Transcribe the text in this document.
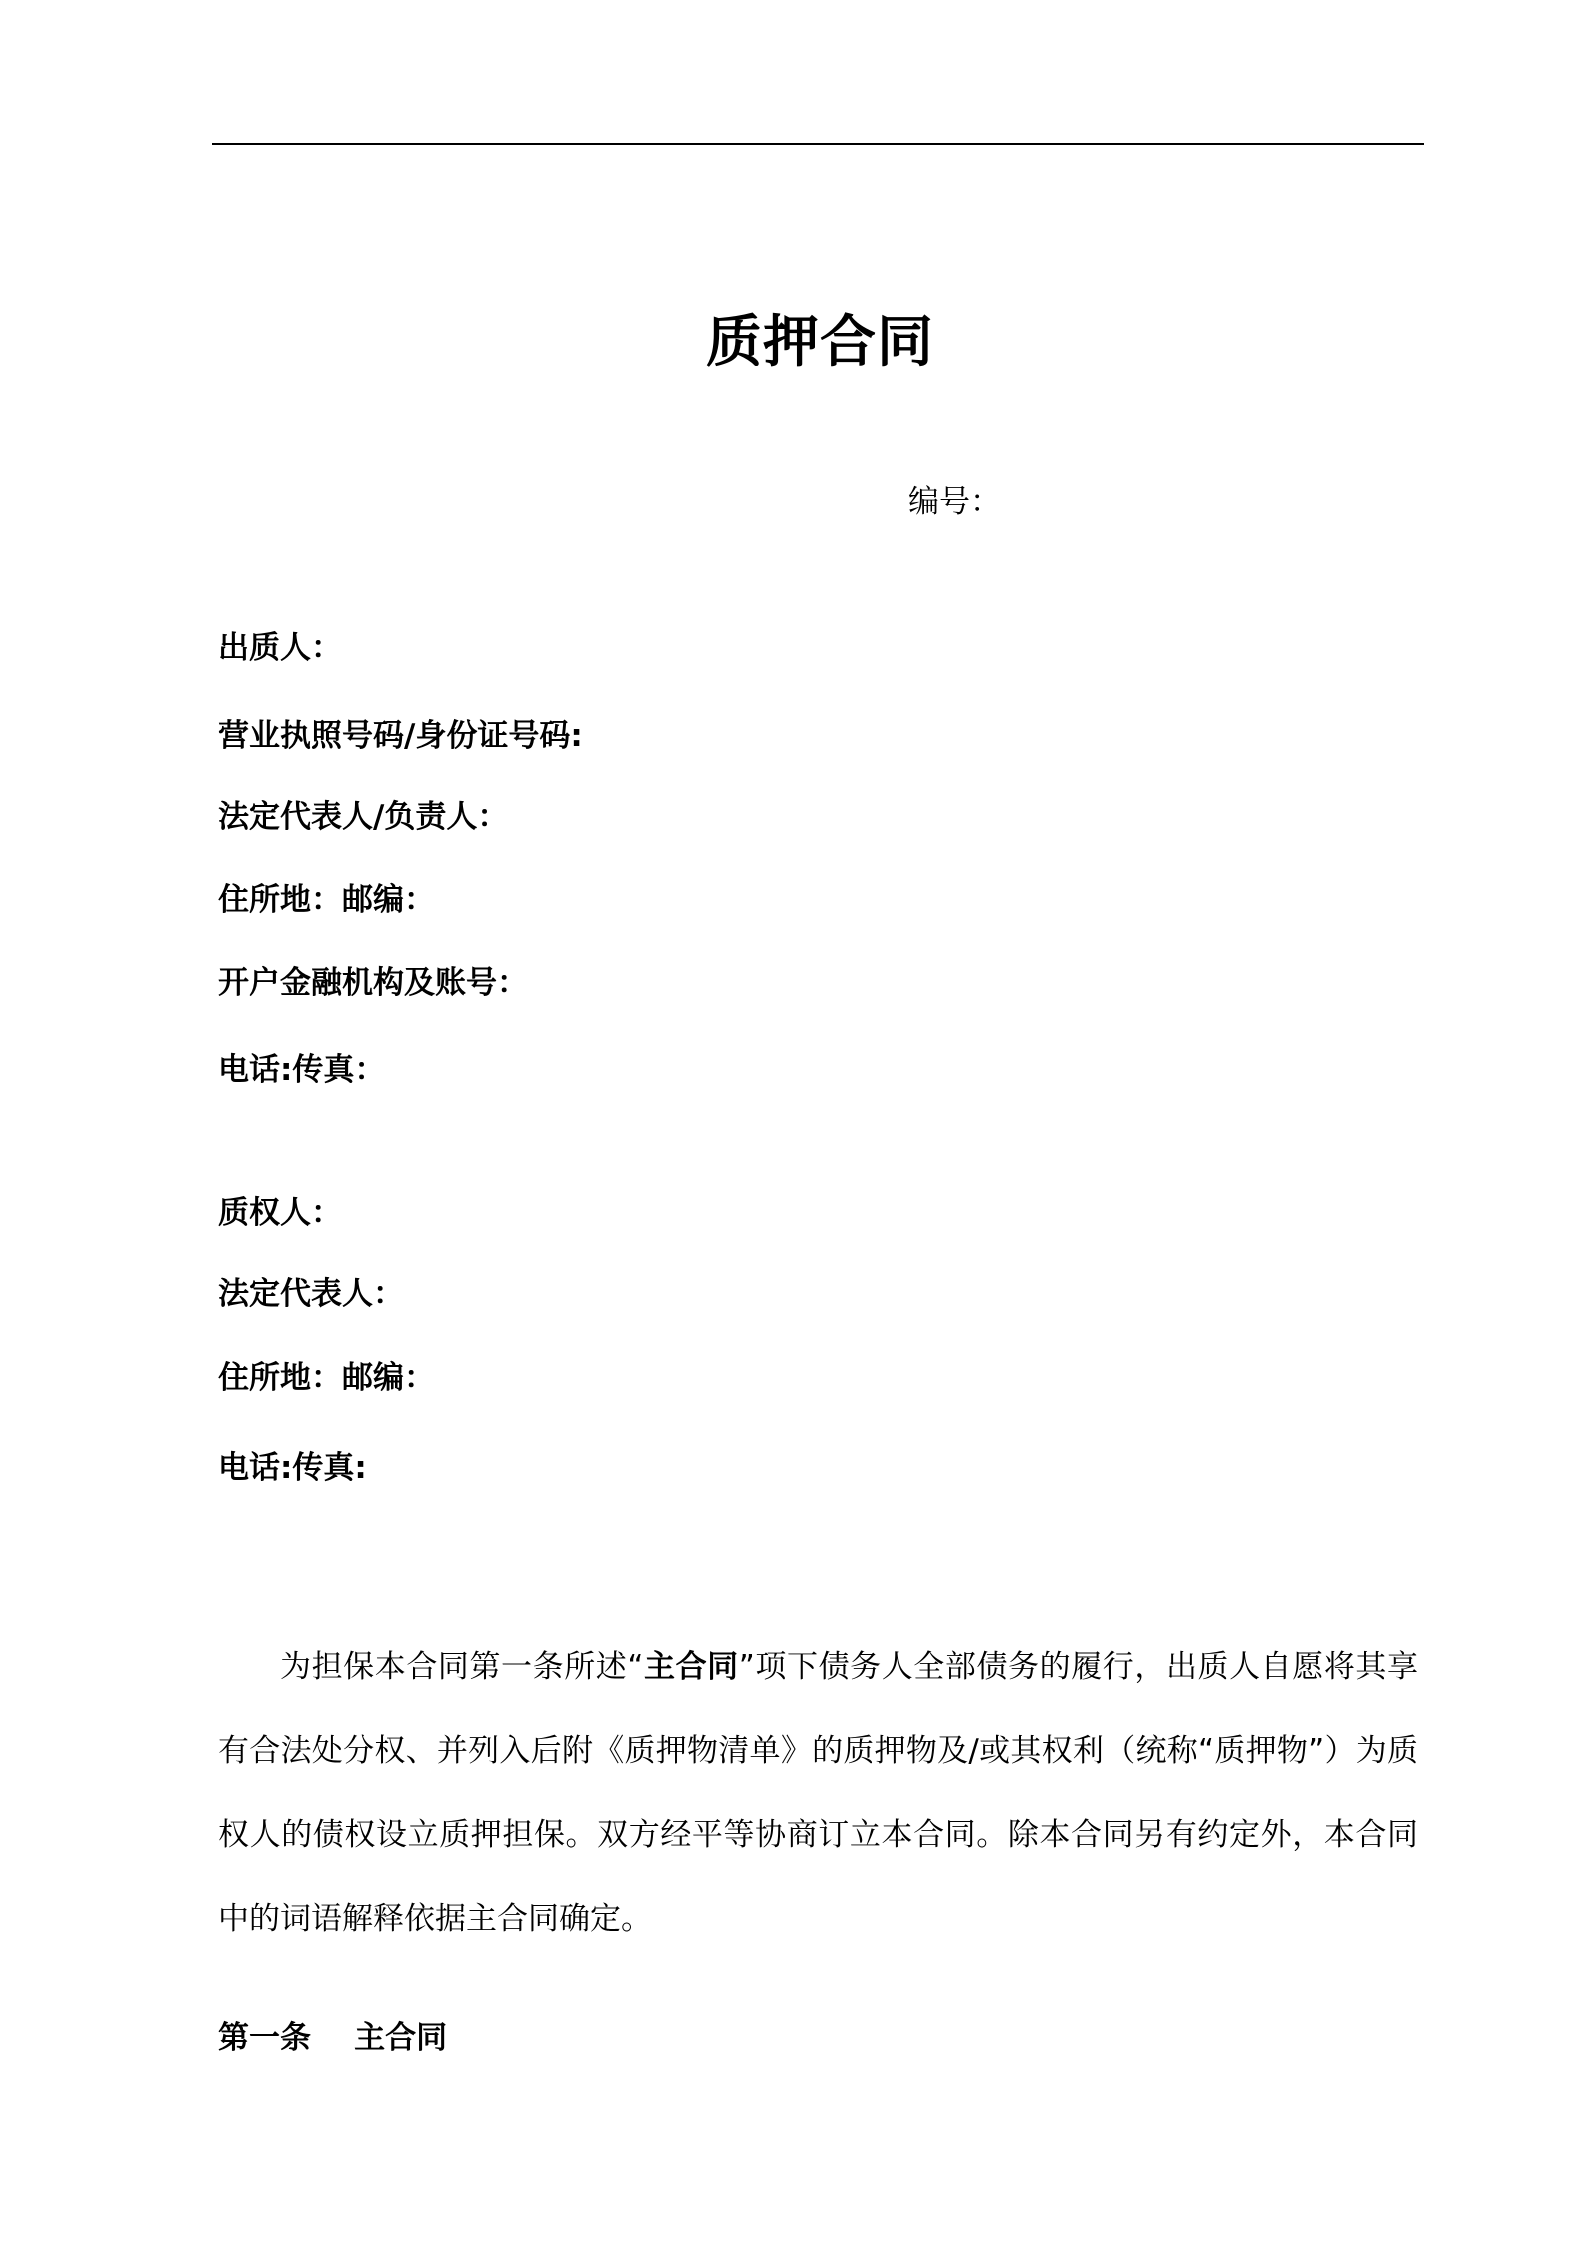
质押合同
编号：
出质人：
营业执照号码/身份证号码:
法定代表人/负责人：
住所地：邮编：
开户金融机构及账号：
电话:传真：
质权人：
法定代表人：
住所地：邮编：
电话:传真:

为担保本合同第一条所述“主合同”项下债务人全部债务的履行，出质人自愿将其享有合法处分权、并列入后附《质押物清单》的质押物及/或其权利（统称“质押物”）为质权人的债权设立质押担保。双方经平等协商订立本合同。除本合同另有约定外，本合同中的词语解释依据主合同确定。

第一条 主合同
